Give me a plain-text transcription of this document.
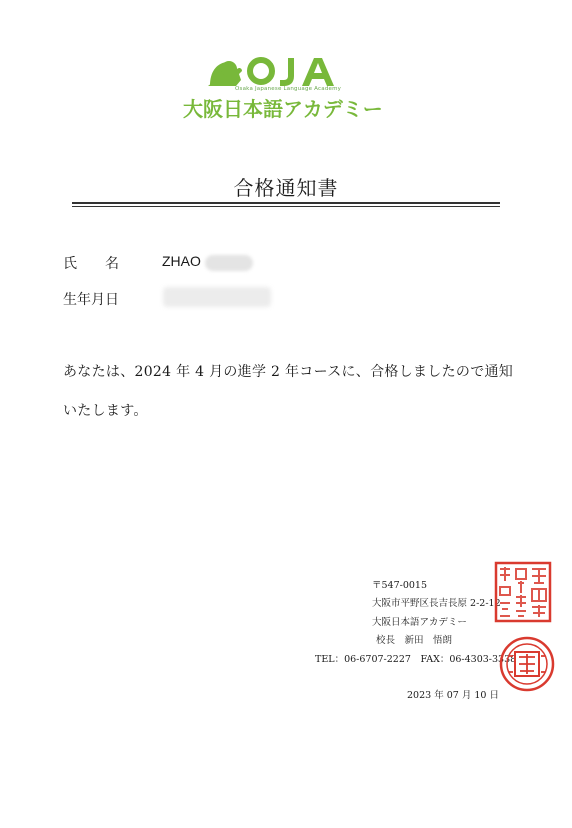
Osaka Japanese Language Academy
大阪日本語アカデミー
合格通知書
氏 名	ZHAO
生年月日
あなたは、2024 年 4 月の進学 2 年コースに、合格しましたので通知
いたします。
〒547-0015
大阪市平野区長吉長原 2-2-12
大阪日本語アカデミー
校長　新田　悟朗
TEL：06-6707-2227　FAX：06-4303-3338
2023 年 07 月 10 日
